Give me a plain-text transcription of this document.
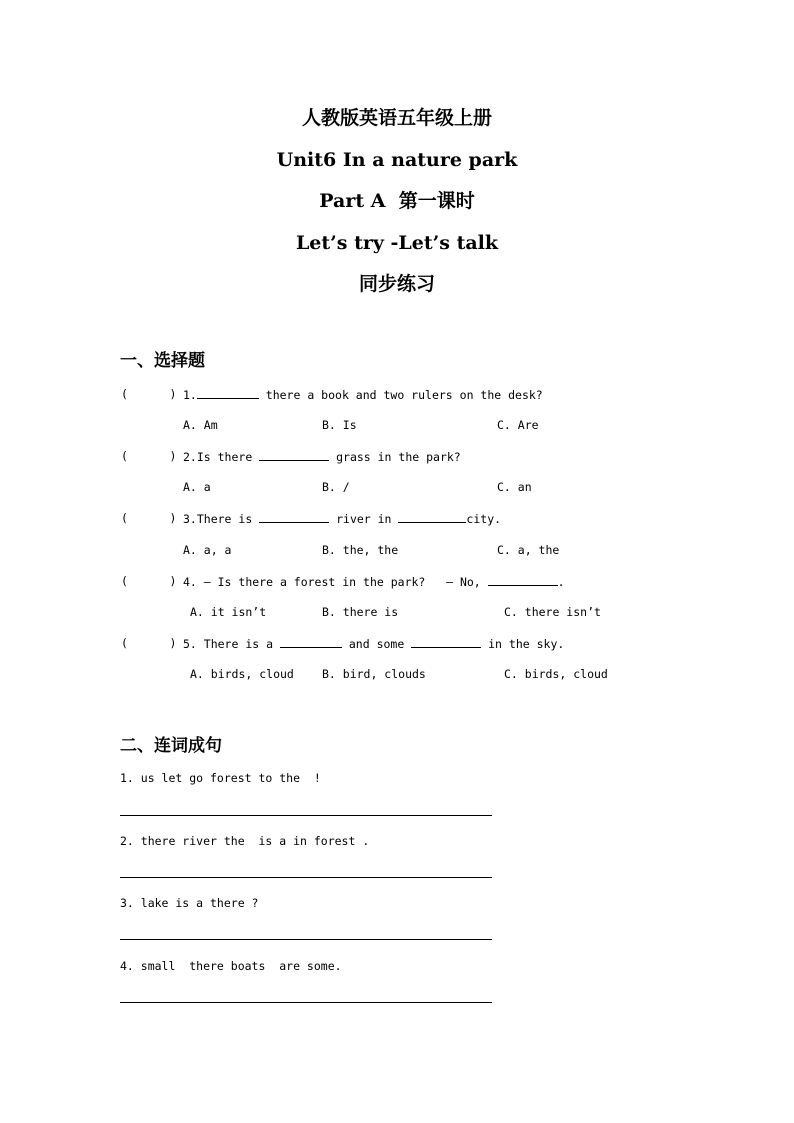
人教版英语五年级上册
Unit6 In a nature park
Part A  第一课时
Let’s try -Let’s talk
同步练习
一、选择题
(      ) 1.	there a book and two rulers on the desk?
A. Am	B. Is	C. Are
(      ) 2.Is there	grass in the park?
A. a	B. /	C. an
(      ) 3.There is	river in	city.
A. a, a	B. the, the	C. a, the
(      ) 4. – Is there a forest in the park?   – No,	.
A. it isn’t	B. there is	C. there isn’t
(      ) 5. There is a	and some	in the sky.
A. birds, cloud B. bird, clouds	C. birds, cloud
二、连词成句
1. us let go forest to the  !
2. there river the  is a in forest .
3. lake is a there ?
4. small  there boats  are some.
